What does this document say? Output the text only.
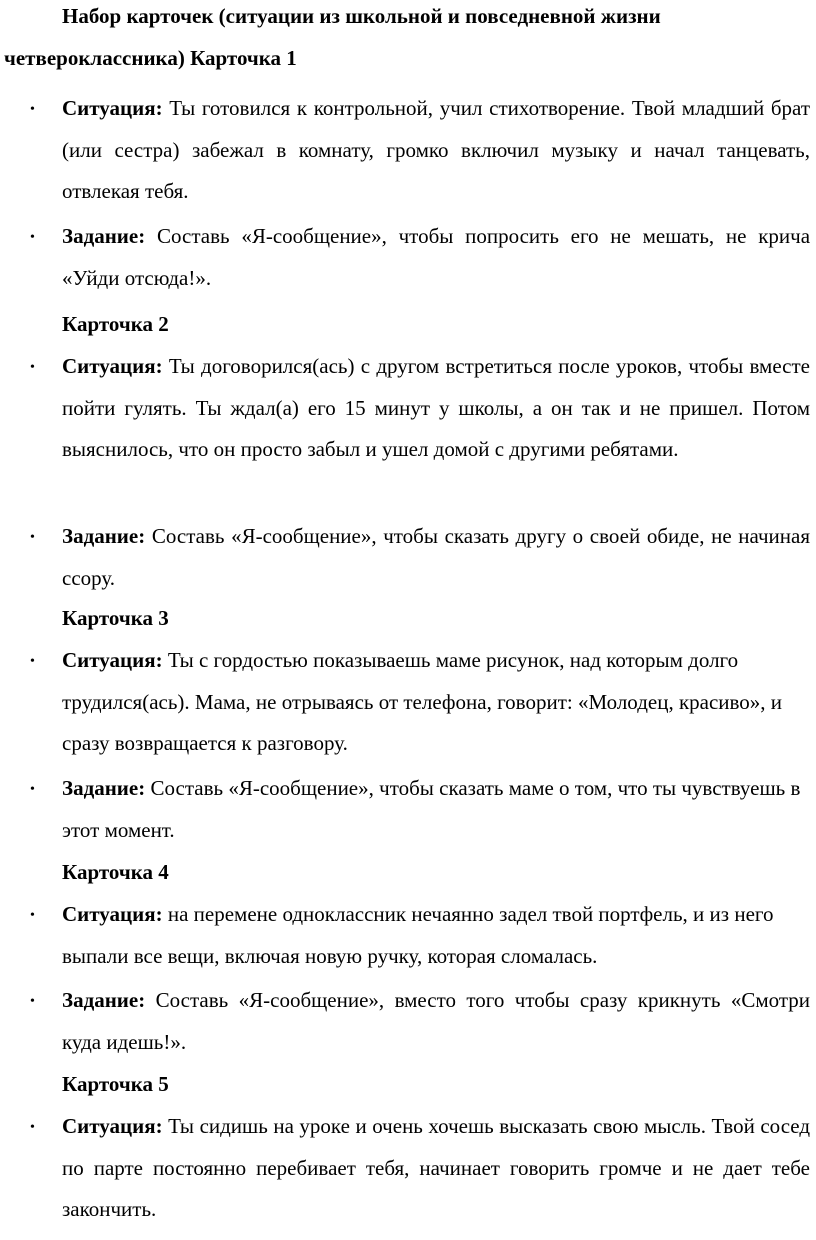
Набор карточек (ситуации из школьной и повседневной жизни
четвероклассника) Карточка 1
• Ситуация: Ты готовился к контрольной, учил стихотворение. Твой младший брат (или сестра) забежал в комнату, громко включил музыку и начал танцевать, отвлекая тебя.
• Задание: Составь «Я-сообщение», чтобы попросить его не мешать, не крича «Уйди отсюда!».
Карточка 2
• Ситуация: Ты договорился(ась) с другом встретиться после уроков, чтобы вместе пойти гулять. Ты ждал(а) его 15 минут у школы, а он так и не пришел. Потом выяснилось, что он просто забыл и ушел домой с другими ребятами.
• Задание: Составь «Я-сообщение», чтобы сказать другу о своей обиде, не начиная ссору.
Карточка 3
• Ситуация: Ты с гордостью показываешь маме рисунок, над которым долго трудился(ась). Мама, не отрываясь от телефона, говорит: «Молодец, красиво», и сразу возвращается к разговору.
• Задание: Составь «Я-сообщение», чтобы сказать маме о том, что ты чувствуешь в этот момент.
Карточка 4
• Ситуация: на перемене одноклассник нечаянно задел твой портфель, и из него выпали все вещи, включая новую ручку, которая сломалась.
• Задание: Составь «Я-сообщение», вместо того чтобы сразу крикнуть «Смотри куда идешь!».
Карточка 5
• Ситуация: Ты сидишь на уроке и очень хочешь высказать свою мысль. Твой сосед по парте постоянно перебивает тебя, начинает говорить громче и не дает тебе закончить.
